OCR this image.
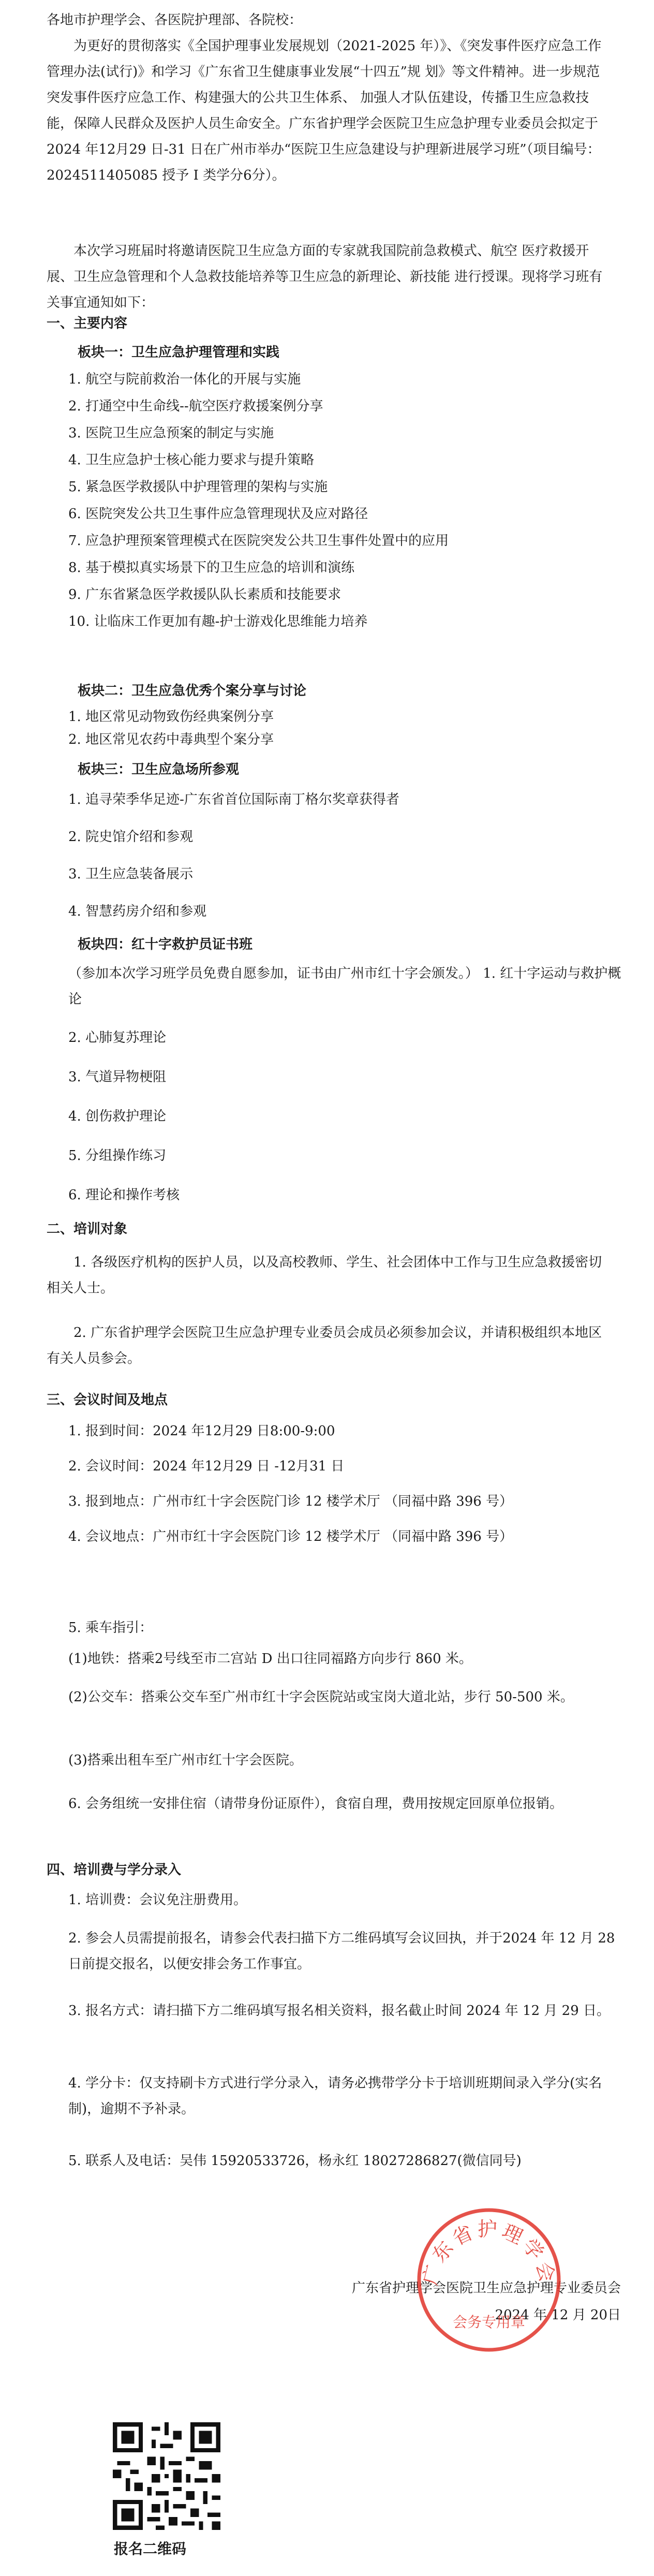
各地市护理学会、各医院护理部、各院校：
为更好的贯彻落实《全国护理事业发展规划（2021-2025 年）》、《突发事件医疗应急工作管理办法(试行)》和学习《广东省卫生健康事业发展“十四五”规 划》等文件精神。进一步规范突发事件医疗应急工作、构建强大的公共卫生体系、 加强人才队伍建设，传播卫生应急救技能，保障人民群众及医护人员生命安全。广东省护理学会医院卫生应急护理专业委员会拟定于2024 年12月29 日-31 日在广州市举办“医院卫生应急建设与护理新进展学习班”（项目编号：2024511405085 授予 I 类学分6分）。
本次学习班届时将邀请医院卫生应急方面的专家就我国院前急救模式、航空 医疗救援开展、卫生应急管理和个人急救技能培养等卫生应急的新理论、新技能 进行授课。现将学习班有关事宜通知如下：
一、主要内容
板块一：卫生应急护理管理和实践
1. 航空与院前救治一体化的开展与实施
2. 打通空中生命线--航空医疗救援案例分享
3. 医院卫生应急预案的制定与实施
4. 卫生应急护士核心能力要求与提升策略
5. 紧急医学救援队中护理管理的架构与实施
6. 医院突发公共卫生事件应急管理现状及应对路径
7. 应急护理预案管理模式在医院突发公共卫生事件处置中的应用
8. 基于模拟真实场景下的卫生应急的培训和演练
9. 广东省紧急医学救援队队长素质和技能要求
10. 让临床工作更加有趣-护士游戏化思维能力培养
板块二：卫生应急优秀个案分享与讨论
1. 地区常见动物致伤经典案例分享
2. 地区常见农药中毒典型个案分享
板块三：卫生应急场所参观
1. 追寻荣季华足迹-广东省首位国际南丁格尔奖章获得者
2. 院史馆介绍和参观
3. 卫生应急装备展示
4. 智慧药房介绍和参观
板块四：红十字救护员证书班
（参加本次学习班学员免费自愿参加，证书由广州市红十字会颁发。） 1. 红十字运动与救护概论
2. 心肺复苏理论
3. 气道异物梗阻
4. 创伤救护理论
5. 分组操作练习
6. 理论和操作考核
二、培训对象
1. 各级医疗机构的医护人员，以及高校教师、学生、社会团体中工作与卫生应急救援密切相关人士。
2. 广东省护理学会医院卫生应急护理专业委员会成员必须参加会议，并请积极组织本地区有关人员参会。
三、会议时间及地点
1. 报到时间：2024 年12月29 日8:00-9:00
2. 会议时间：2024 年12月29 日 -12月31 日
3. 报到地点：广州市红十字会医院门诊 12 楼学术厅 （同福中路 396 号）
4. 会议地点：广州市红十字会医院门诊 12 楼学术厅 （同福中路 396 号）
5. 乘车指引：
(1)地铁：搭乘2号线至市二宫站 D 出口往同福路方向步行 860 米。
(2)公交车：搭乘公交车至广州市红十字会医院站或宝岗大道北站，步行 50-500 米。
(3)搭乘出租车至广州市红十字会医院。
6. 会务组统一安排住宿（请带身份证原件），食宿自理，费用按规定回原单位报销。
四、培训费与学分录入
1. 培训费：会议免注册费用。
2. 参会人员需提前报名，请参会代表扫描下方二维码填写会议回执，并于2024 年 12 月 28 日前提交报名，以便安排会务工作事宜。
3. 报名方式：请扫描下方二维码填写报名相关资料，报名截止时间 2024 年 12 月 29 日。
4. 学分卡：仅支持刷卡方式进行学分录入，请务必携带学分卡于培训班期间录入学分(实名制)，逾期不予补录。
5. 联系人及电话：吴伟 15920533726，杨永红 18027286827(微信同号)
广东省护理学会医院卫生应急护理专业委员会
2024 年 12 月 20日
广东省护理学会
会务专用章
报名二维码
